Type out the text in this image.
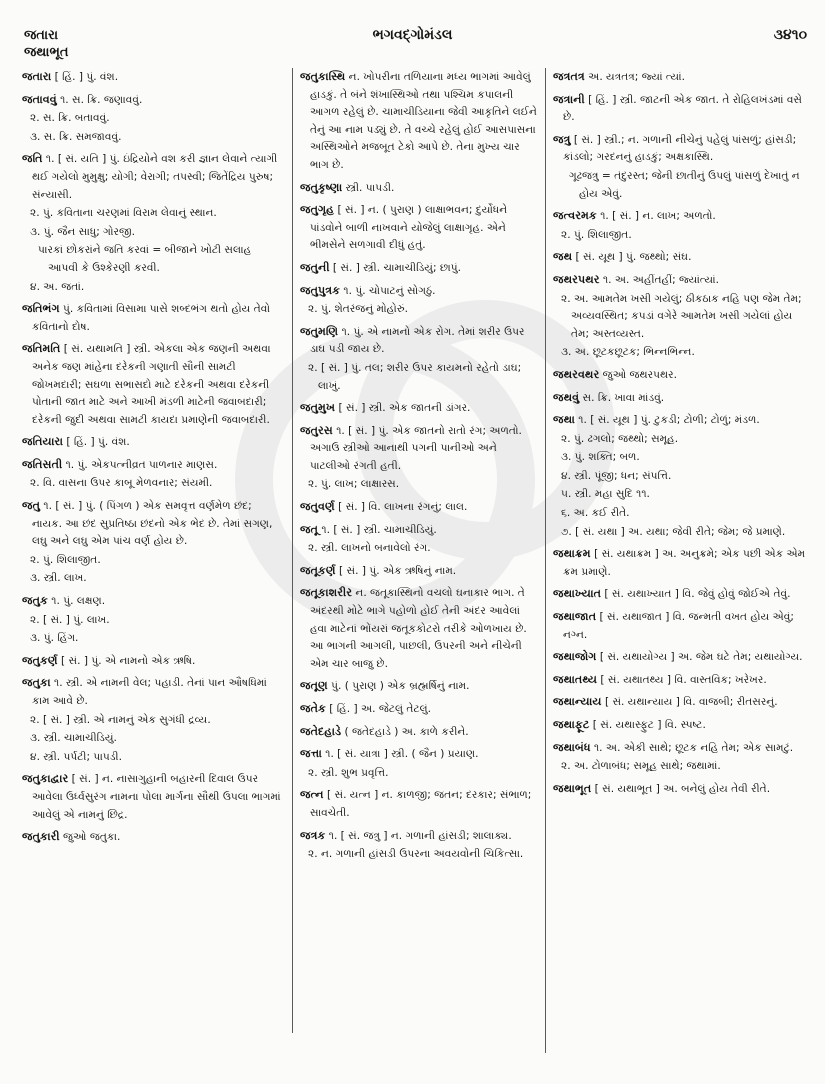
જતારા
જથાભૂત
ભગવદ્ગોમંડલ	૩૪૧૦
જતારા [ હિં. ] પું. વંશ.
જતાવવું ૧. સ. ક્રિ. જણાવવું.
૨. સ. ક્રિ. બતાવવું.
૩. સ. ક્રિ. સમજાવવું.
જતિ ૧. [ સં. યતિ ] પું. ઇંદ્રિયોને વશ કરી જ્ઞાન લેવાને ત્યાગી થઈ ગયેલો મુમુક્ષુ; યોગી; વેરાગી; તપસ્વી; જિતેંદ્રિય પુરુષ; સંન્યાસી.
૨. પું. કવિતાના ચરણમાં વિરામ લેવાનું સ્થાન.
૩. પું. જૈન સાધુ; ગોરજી.
પારકાં છોકરાંને જતિ કરવાં = બીજાને ખોટી સલાહ આપવી કે ઉશ્કેરણી કરવી.
૪. અ. જતાં.
જતિભંગ પું. કવિતામાં વિસામા પાસે શબ્દભંગ થતો હોય તેવો કવિતાનો દોષ.
જતિમતિ [ સં. યથામતિ ] સ્ત્રી. એકલા એક જણની અથવા અનેક જણ માંહેના દરેકની ગણાતી સૌની સામટી જોખમદારી; સઘળા સભાસદો માટે દરેકની અથવા દરેકની પોતાની જાત માટે અને આખી મંડળી માટેની જવાબદારી; દરેકની જુદી અથવા સામટી કાયદા પ્રમાણેની જવાબદારી.
જતિયારા [ હિં. ] પું. વંશ.
જતિસતી ૧. પું. એકપત્નીવ્રત પાળનાર માણસ.
૨. વિ. વાસના ઉપર કાબૂ મેળવનાર; સંયમી.
જતુ ૧. [ સં. ] પું. ( પિંગળ ) એક સમવૃત્ત વર્ણમેળ છંદ; નાયક. આ છંદ સુપ્રતિષ્ઠા છંદનો એક ભેદ છે. તેમાં સગણ, લઘુ અને લઘુ એમ પાંચ વર્ણ હોય છે.
૨. પું. શિલાજીત.
૩. સ્ત્રી. લાખ.
જતુક ૧. પું. લક્ષણ.
૨. [ સં. ] પું. લાખ.
૩. પું. હિંગ.
જતુકર્ણ [ સં. ] પું. એ નામનો એક ઋષિ.
જતુકા ૧. સ્ત્રી. એ નામની વેલ; પહાડી. તેનાં પાન ઔષધિમાં કામ આવે છે.
૨. [ સં. ] સ્ત્રી. એ નામનું એક સુગંધી દ્રવ્ય.
૩. સ્ત્રી. ચામાચીડિયું.
૪. સ્ત્રી. પર્પટી; પાપડી.
જતુકાદ્વાર [ સં. ] ન. નાસાગુહાની બહારની દિવાલ ઉપર આવેલા ઉર્ધ્વસુરંગ નામના પોલા માર્ગના સૌથી ઉપલા ભાગમાં આવેલું એ નામનું છિદ્ર.
જતુકારી જુઓ જતુકા.
જતુકાસ્થિ ન. ખોપરીના તળિયાના મધ્ય ભાગમાં આવેલું હાડકું. તે બંને શંખાસ્થિઓ તથા પશ્ચિમ કપાલની આગળ રહેલું છે. ચામાચીડિયાના જેવી આકૃતિને લઈને તેનું આ નામ પડ્યું છે. તે વચ્ચે રહેલું હોઈ આસપાસના અસ્થિઓને મજબૂત ટેકો આપે છે. તેના મુખ્ય ચાર ભાગ છે.
જતુકૃષ્ણા સ્ત્રી. પાપડી.
જતુગૃહ [ સં. ] ન. ( પુરાણ ) લાક્ષાભવન; દુર્યોધને પાંડવોને બાળી નાખવાને યોજેલું લાક્ષાગૃહ. એને ભીમસેને સળગાવી દીધું હતું.
જતુની [ સં. ] સ્ત્રી. ચામાચીડિયું; છાપું.
જતુપુત્રક ૧. પું. ચોપાટનું સોગઠું.
૨. પું. શેતરંજનું મોહોરું.
જતુમણિ ૧. પું. એ નામનો એક રોગ. તેમાં શરીર ઉપર ડાઘ પડી જાય છે.
૨. [ સં. ] પું. તલ; શરીર ઉપર કાયમનો રહેતો ડાઘ; લાખું.
જતુમુખ [ સં. ] સ્ત્રી. એક જાતની ડાંગર.
જતુરસ ૧. [ સં. ] પું. એક જાતનો રાતો રંગ; અળતો. અગાઉ સ્ત્રીઓ આનાથી પગની પાનીઓ અને પાટલીઓ રંગતી હતી.
૨. પું. લાખ; લાક્ષારસ.
જતુવર્ણ [ સં. ] વિ. લાખના રંગનું; લાલ.
જતૂ ૧. [ સં. ] સ્ત્રી. ચામાચીડિયું.
૨. સ્ત્રી. લાખનો બનાવેલો રંગ.
જતૂકર્ણ [ સં. ] પું. એક ઋષિનું નામ.
જતૂકાશરીર ન. જતૂકાસ્થિનો વચલો ઘનાકાર ભાગ. તે અંદરથી મોટે ભાગે પહોળો હોઈ તેની અંદર આવેલાં હવા માટેનાં ભોંયરાં જતૂકકોટરો તરીકે ઓળખાય છે. આ ભાગની આગલી, પાછલી, ઉપરની અને નીચેની એમ ચાર બાજુ છે.
જતૂણ પું. ( પુરાણ ) એક બ્રહ્મર્ષિનું નામ.
જતેક [ હિં. ] અ. જેટલું તેટલું.
જતેદહાડે ( જતેદહાડે ) અ. કાળે કરીને.
જત્તા ૧. [ સં. યાત્રા ] સ્ત્રી. ( જૈન ) પ્રયાણ.
૨. સ્ત્રી. શુભ પ્રવૃત્તિ.
જત્ન [ સં. યત્ન ] ન. કાળજી; જતન; દરકાર; સંભાળ; સાવચેતી.
જત્રક ૧. [ સં. જત્રુ ] ન. ગળાની હાંસડી; શાલાક્ય.
૨. ન. ગળાની હાંસડી ઉપરના અવયવોની ચિકિત્સા.
જત્રતત્ર અ. યત્રતત્ર; જ્યાં ત્યાં.
જત્રાની [ હિં. ] સ્ત્રી. જાટની એક જાત. તે રોહિલખંડમાં વસે છે.
જત્રુ [ સં. ] સ્ત્રી.; ન. ગળાની નીચેનું પહેલું પાંસળું; હાંસડી; કાંડલો; ગરદનનું હાડકું; અક્ષકાસ્થિ.
ગૂઢજત્રુ = તંદુરસ્ત; જેની છાતીનું ઉપલું પાંસળું દેખાતું ન હોય એવું.
જત્વરમક ૧. [ સં. ] ન. લાખ; અળતો.
૨. પું. શિલાજીત.
જથ [ સં. યૂથ ] પું. જથ્થો; સંઘ.
જથરપથર ૧. અ. અહીંતહીં; જ્યાંત્યાં.
૨. અ. આમતેમ ખસી ગયેલું; ઠીકઠાક નહિ પણ જેમ તેમ; અવ્યવસ્થિત; કપડાં વગેરે આમતેમ ખસી ગયેલાં હોય તેમ; અસ્તવ્યસ્ત.
૩. અ. છૂટકછૂટક; ભિન્નભિન્ન.
જથરવથર જુઓ જથરપથર.
જથવું સ. ક્રિ. ખાવા માંડવું.
જથા ૧. [ સં. યૂથ ] પું. ટુકડી; ટોળી; ટોળું; મંડળ.
૨. પું. ઢગલો; જથ્થો; સમૂહ.
૩. પું. શક્તિ; બળ.
૪. સ્ત્રી. પૂંજી; ધન; સંપત્તિ.
૫. સ્ત્રી. મહા સુદિ ૧૧.
૬. અ. કઈ રીતે.
૭. [ સં. યથા ] અ. યથા; જેવી રીતે; જેમ; જે પ્રમાણે.
જથાક્રમ [ સં. યથાક્રમ ] અ. અનુક્રમે; એક પછી એક એમ ક્રમ પ્રમાણે.
જથાખ્યાત [ સં. યથાખ્યાત ] વિ. જેવું હોવું જોઈએ તેવું.
જથાજાત [ સં. યથાજાત ] વિ. જન્મતી વખત હોય એવું; નગ્ન.
જથાજોગ [ સં. યથાયોગ્ય ] અ. જેમ ઘટે તેમ; યથાયોગ્ય.
જથાતથ્ય [ સં. યથાતથ્ય ] વિ. વાસ્તવિક; ખરેખર.
જથાન્યાય [ સં. યથાન્યાય ] વિ. વાજબી; રીતસરનું.
જથાફૂટ [ સં. યથાસ્ફુટ ] વિ. સ્પષ્ટ.
જથાબંધ ૧. અ. એકી સાથે; છૂટક નહિ તેમ; એક સામટું.
૨. અ. ટોળાબંધ; સમૂહ સાથે; જથામાં.
જથાભૂત [ સં. યથાભૂત ] અ. બનેલું હોય તેવી રીતે.
